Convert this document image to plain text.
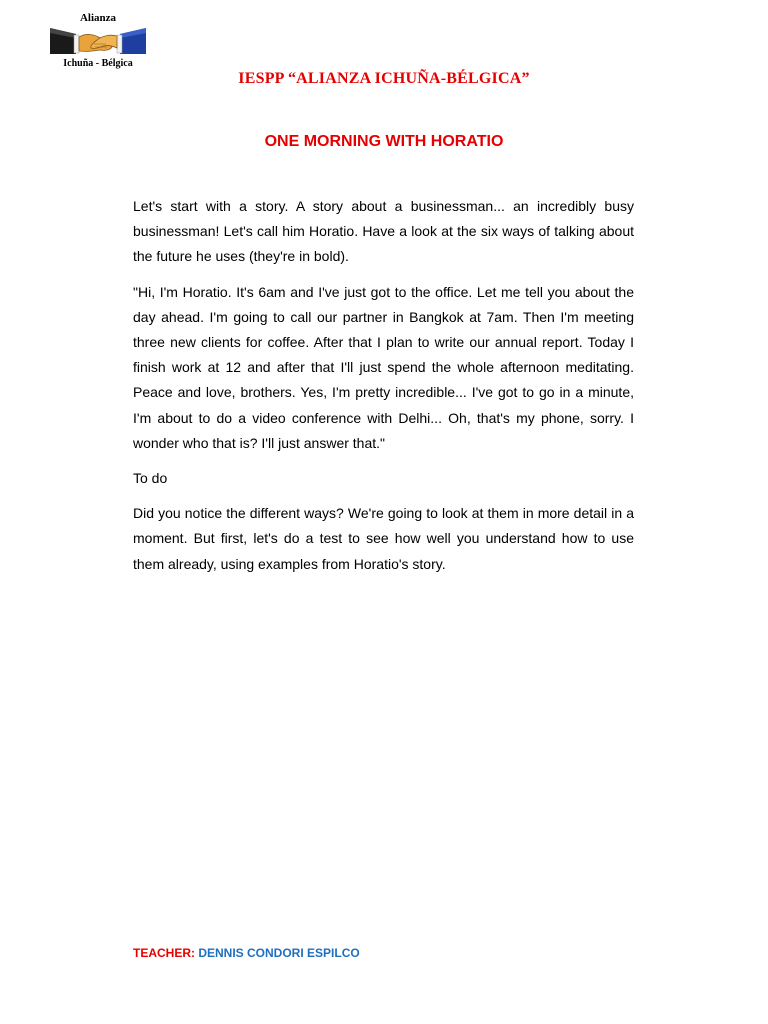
Alianza
Ichuña - Bélgica
IESPP “ALIANZA ICHUÑA-BÉLGICA”
ONE MORNING WITH HORATIO

Let's start with a story. A story about a businessman... an incredibly busy businessman! Let's call him Horatio. Have a look at the six ways of talking about the future he uses (they're in bold).

"Hi, I'm Horatio. It's 6am and I've just got to the office. Let me tell you about the day ahead. I'm going to call our partner in Bangkok at 7am. Then I'm meeting three new clients for coffee. After that I plan to write our annual report. Today I finish work at 12 and after that I'll just spend the whole afternoon meditating. Peace and love, brothers. Yes, I'm pretty incredible... I've got to go in a minute, I'm about to do a video conference with Delhi... Oh, that's my phone, sorry. I wonder who that is? I'll just answer that."

To do

Did you notice the different ways? We're going to look at them in more detail in a moment. But first, let's do a test to see how well you understand how to use them already, using examples from Horatio's story.

TEACHER: DENNIS CONDORI ESPILCO
